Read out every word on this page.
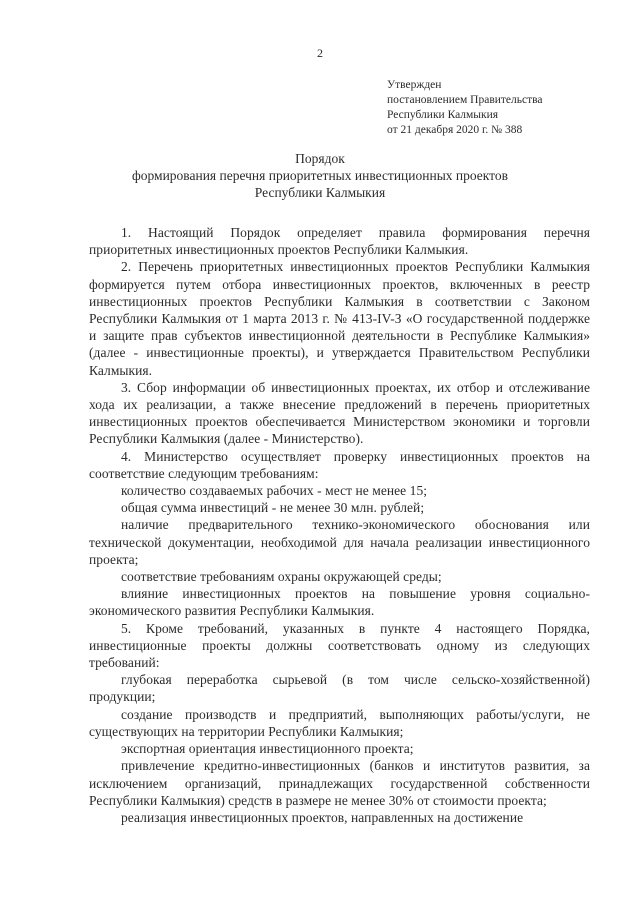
2
Утвержден
постановлением Правительства
Республики Калмыкия
от 21 декабря 2020 г. № 388
Порядок
формирования перечня приоритетных инвестиционных проектов
Республики Калмыкия

1. Настоящий Порядок определяет правила формирования перечня приоритетных инвестиционных проектов Республики Калмыкия.

2. Перечень приоритетных инвестиционных проектов Республики Калмыкия формируется путем отбора инвестиционных проектов, включенных в реестр инвестиционных проектов Республики Калмыкия в соответствии с Законом Республики Калмыкия от 1 марта 2013 г. № 413-IV-З «О государственной поддержке и защите прав субъектов инвестиционной деятельности в Республике Калмыкия» (далее - инвестиционные проекты), и утверждается Правительством Республики Калмыкия.

3. Сбор информации об инвестиционных проектах, их отбор и отслеживание хода их реализации, а также внесение предложений в перечень приоритетных инвестиционных проектов обеспечивается Министерством экономики и торговли Республики Калмыкия (далее - Министерство).

4. Министерство осуществляет проверку инвестиционных проектов на соответствие следующим требованиям:

количество создаваемых рабочих - мест не менее 15;

общая сумма инвестиций - не менее 30 млн. рублей;

наличие предварительного технико-экономического обоснования или технической документации, необходимой для начала реализации инвестиционного проекта;

соответствие требованиям охраны окружающей среды;

влияние инвестиционных проектов на повышение уровня социально-экономического развития Республики Калмыкия.

5. Кроме требований, указанных в пункте 4 настоящего Порядка, инвестиционные проекты должны соответствовать одному из следующих требований:

глубокая переработка сырьевой (в том числе сельско-хозяйственной) продукции;

создание производств и предприятий, выполняющих работы/услуги, не существующих на территории Республики Калмыкия;

экспортная ориентация инвестиционного проекта;

привлечение кредитно-инвестиционных (банков и институтов развития, за исключением организаций, принадлежащих государственной собственности Республики Калмыкия) средств в размере не менее 30% от стоимости проекта;

реализация инвестиционных проектов, направленных на достижение
